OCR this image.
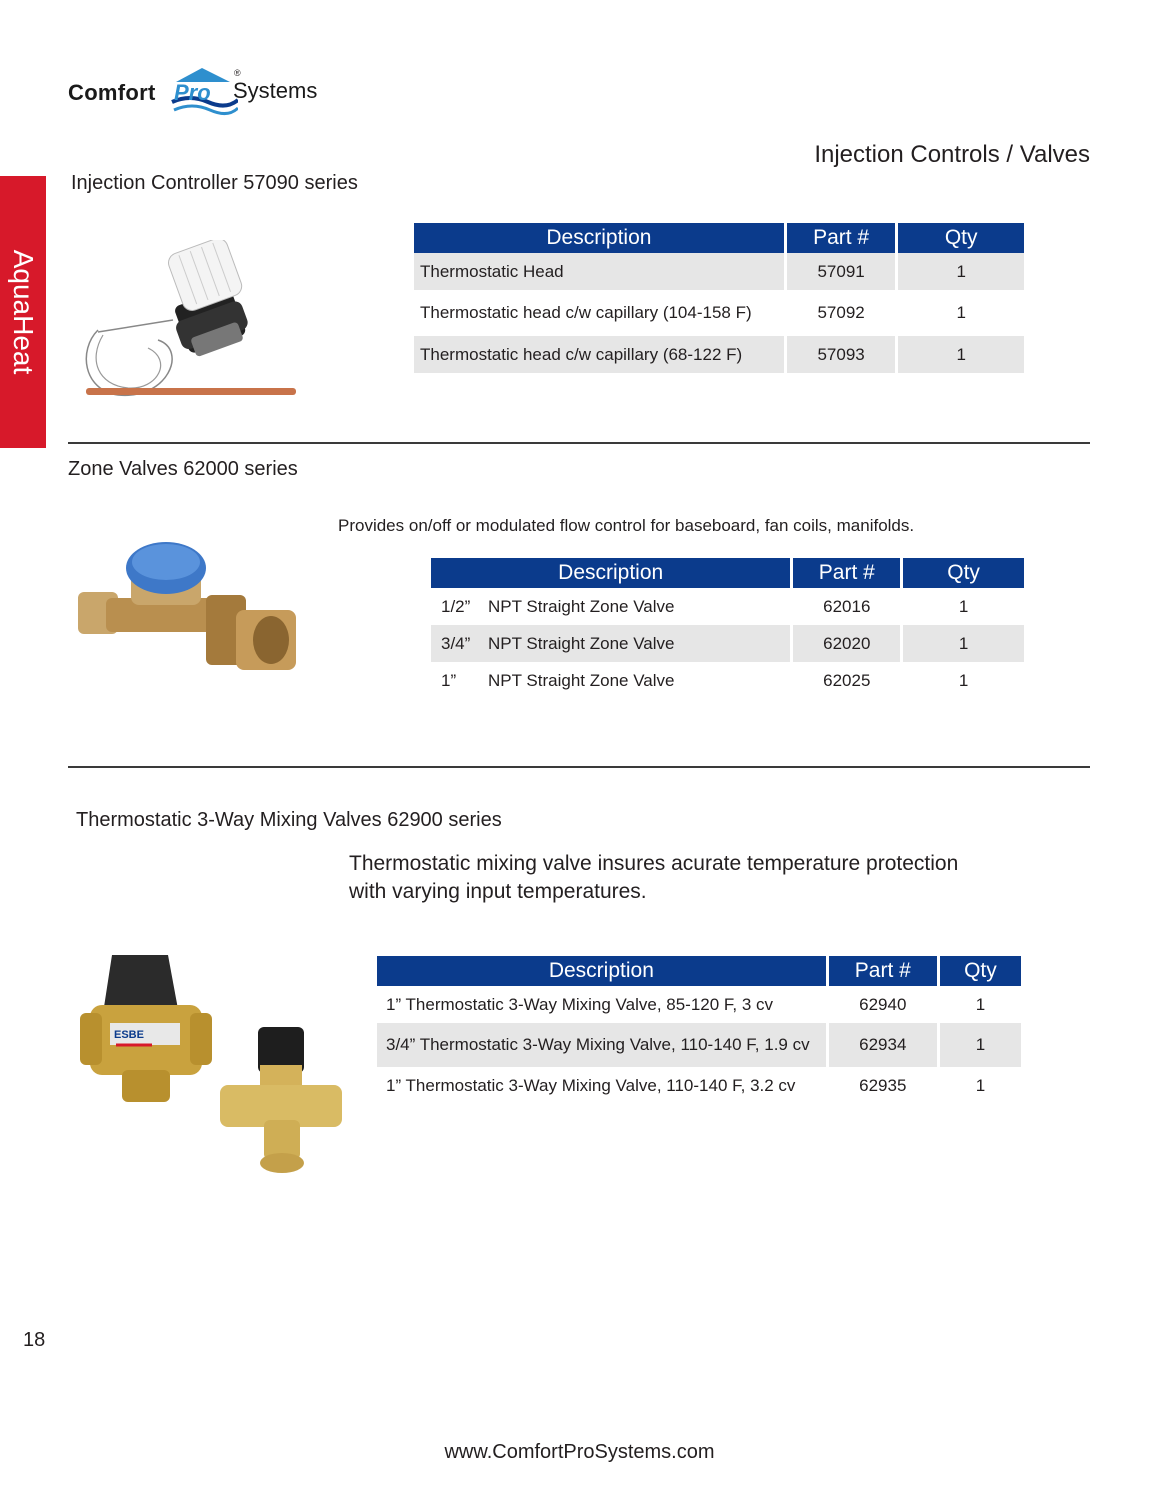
Comfort Pro Systems
®
Injection Controls / Valves
AquaHeat
Injection Controller 57090 series
Description	Part #	Qty
Thermostatic Head	57091	1
Thermostatic head c/w capillary (104-158 F)	57092	1
Thermostatic head c/w capillary (68-122 F)	57093	1
Zone Valves 62000 series
Provides on/off or modulated flow control for baseboard, fan coils, manifolds.
Description	Part #	Qty
1/2” NPT Straight Zone Valve	62016	1
3/4” NPT Straight Zone Valve	62020	1
1” NPT Straight Zone Valve	62025	1
Thermostatic 3-Way Mixing Valves 62900 series
Thermostatic mixing valve insures acurate temperature protection
with varying input temperatures.
ESBE
Description	Part #	Qty
1” Thermostatic 3-Way Mixing Valve, 85-120 F, 3 cv	62940	1
3/4” Thermostatic 3-Way Mixing Valve, 110-140 F, 1.9 cv	62934	1
1” Thermostatic 3-Way Mixing Valve, 110-140 F, 3.2 cv	62935	1
18
www.ComfortProSystems.com
